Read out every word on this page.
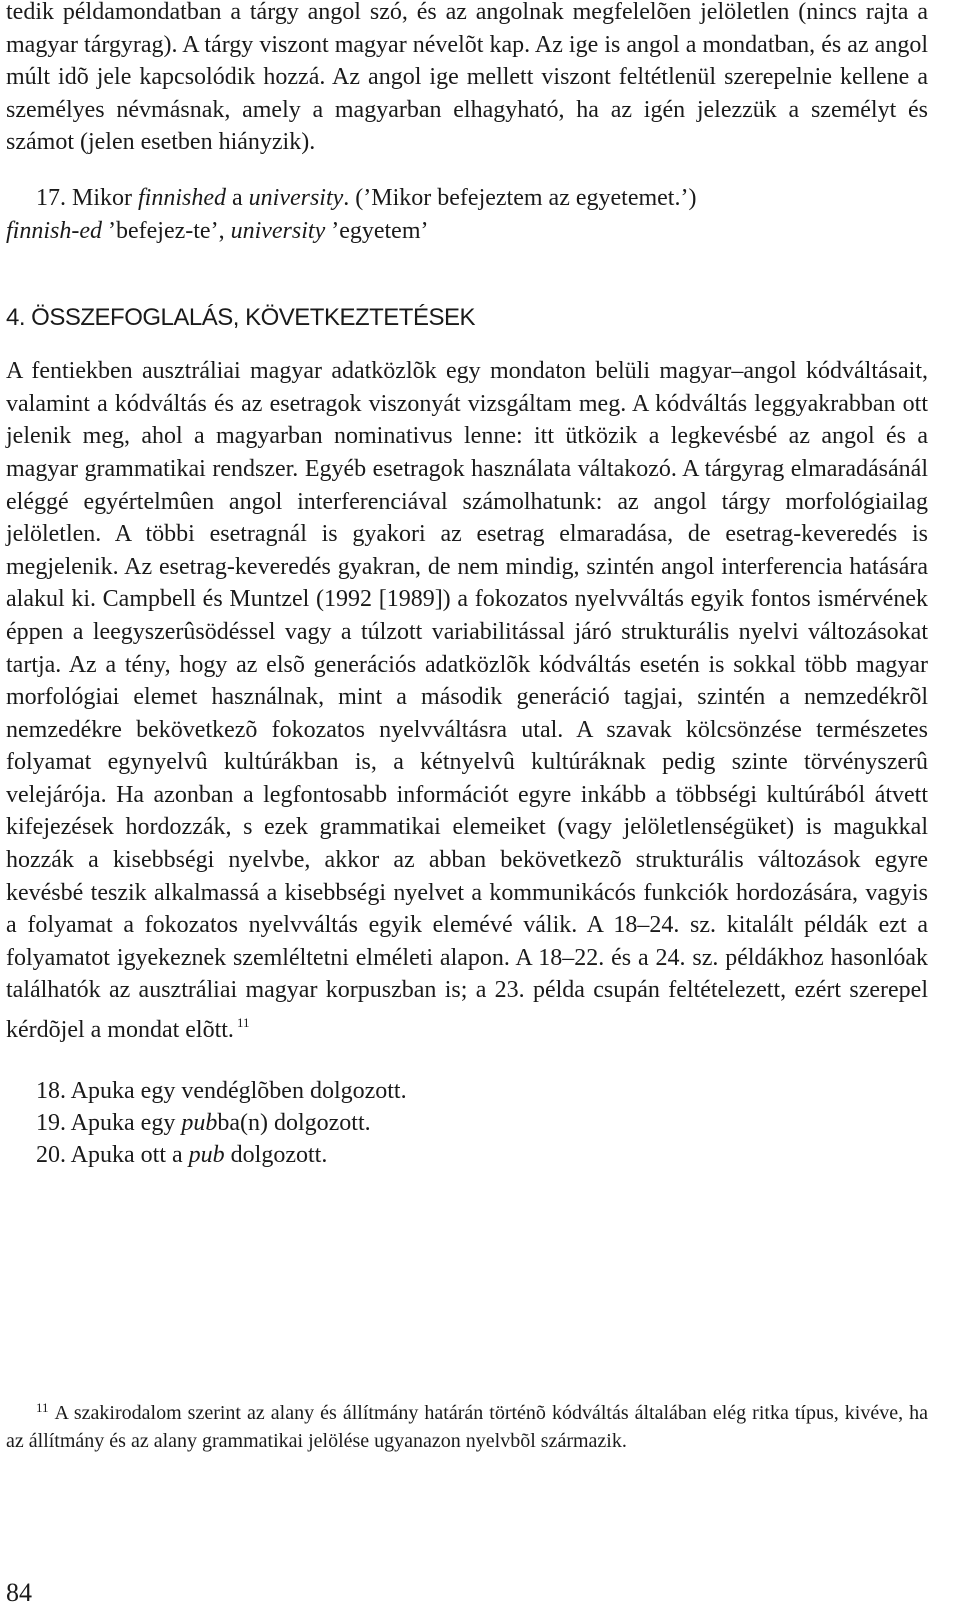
tedik példamondatban a tárgy angol szó, és az angolnak megfelelõen jelöletlen (nincs rajta a magyar tárgyrag). A tárgy viszont magyar névelõt kap. Az ige is angol a mondatban, és az angol múlt idõ jele kapcsolódik hozzá. Az angol ige mellett viszont feltétlenül szerepelnie kellene a személyes névmásnak, amely a magyarban elhagyható, ha az igén jelezzük a személyt és számot (jelen esetben hiányzik).

17. Mikor finnished a university. (’Mikor befejeztem az egyetemet.’)
finnish-ed ’befejez-te’, university ’egyetem’
4. ÖSSZEFOGLALÁS, KÖVETKEZTETÉSEK

A fentiekben ausztráliai magyar adatközlõk egy mondaton belüli magyar–angol kódváltásait, valamint a kódváltás és az esetragok viszonyát vizsgáltam meg. A kódváltás leggyakrabban ott jelenik meg, ahol a magyarban nominativus lenne: itt ütközik a legkevésbé az angol és a magyar grammatikai rendszer. Egyéb esetragok használata váltakozó. A tárgyrag elmaradásánál eléggé egyértelmûen angol interferenciával számolhatunk: az angol tárgy morfológiailag jelöletlen. A többi esetragnál is gyakori az esetrag elmaradása, de esetrag-keveredés is megjelenik. Az esetrag-keveredés gyakran, de nem mindig, szintén angol interferencia hatására alakul ki. Campbell és Muntzel (1992 [1989]) a fokozatos nyelvváltás egyik fontos ismérvének éppen a leegyszerûsödéssel vagy a túlzott variabilitással járó strukturális nyelvi változásokat tartja. Az a tény, hogy az elsõ generációs adatközlõk kódváltás esetén is sokkal több magyar morfológiai elemet használnak, mint a második generáció tagjai, szintén a nemzedékrõl nemzedékre bekövetkezõ fokozatos nyelvváltásra utal. A szavak kölcsönzése természetes folyamat egynyelvû kultúrákban is, a kétnyelvû kultúráknak pedig szinte törvényszerû velejárója. Ha azonban a legfontosabb információt egyre inkább a többségi kultúrából átvett kifejezések hordozzák, s ezek grammatikai elemeiket (vagy jelöletlenségüket) is magukkal hozzák a kisebbségi nyelvbe, akkor az abban bekövetkezõ strukturális változások egyre kevésbé teszik alkalmassá a kisebbségi nyelvet a kommunikácós funkciók hordozására, vagyis a folyamat a fokozatos nyelvváltás egyik elemévé válik. A 18–24. sz. kitalált példák ezt a folyamatot igyekeznek szemléltetni elméleti alapon. A 18–22. és a 24. sz. példákhoz hasonlóak találhatók az ausztráliai magyar korpuszban is; a 23. példa csupán feltételezett, ezért szerepel kérdõjel a mondat elõtt. $^{11}$

18. Apuka egy vendéglõben dolgozott.
19. Apuka egy pubba(n) dolgozott.
20. Apuka ott a pub dolgozott.
$^{11}$ A szakirodalom szerint az alany és állítmány határán történõ kódváltás általában elég ritka típus, kivéve, ha az állítmány és az alany grammatikai jelölése ugyanazon nyelvbõl származik.
84
